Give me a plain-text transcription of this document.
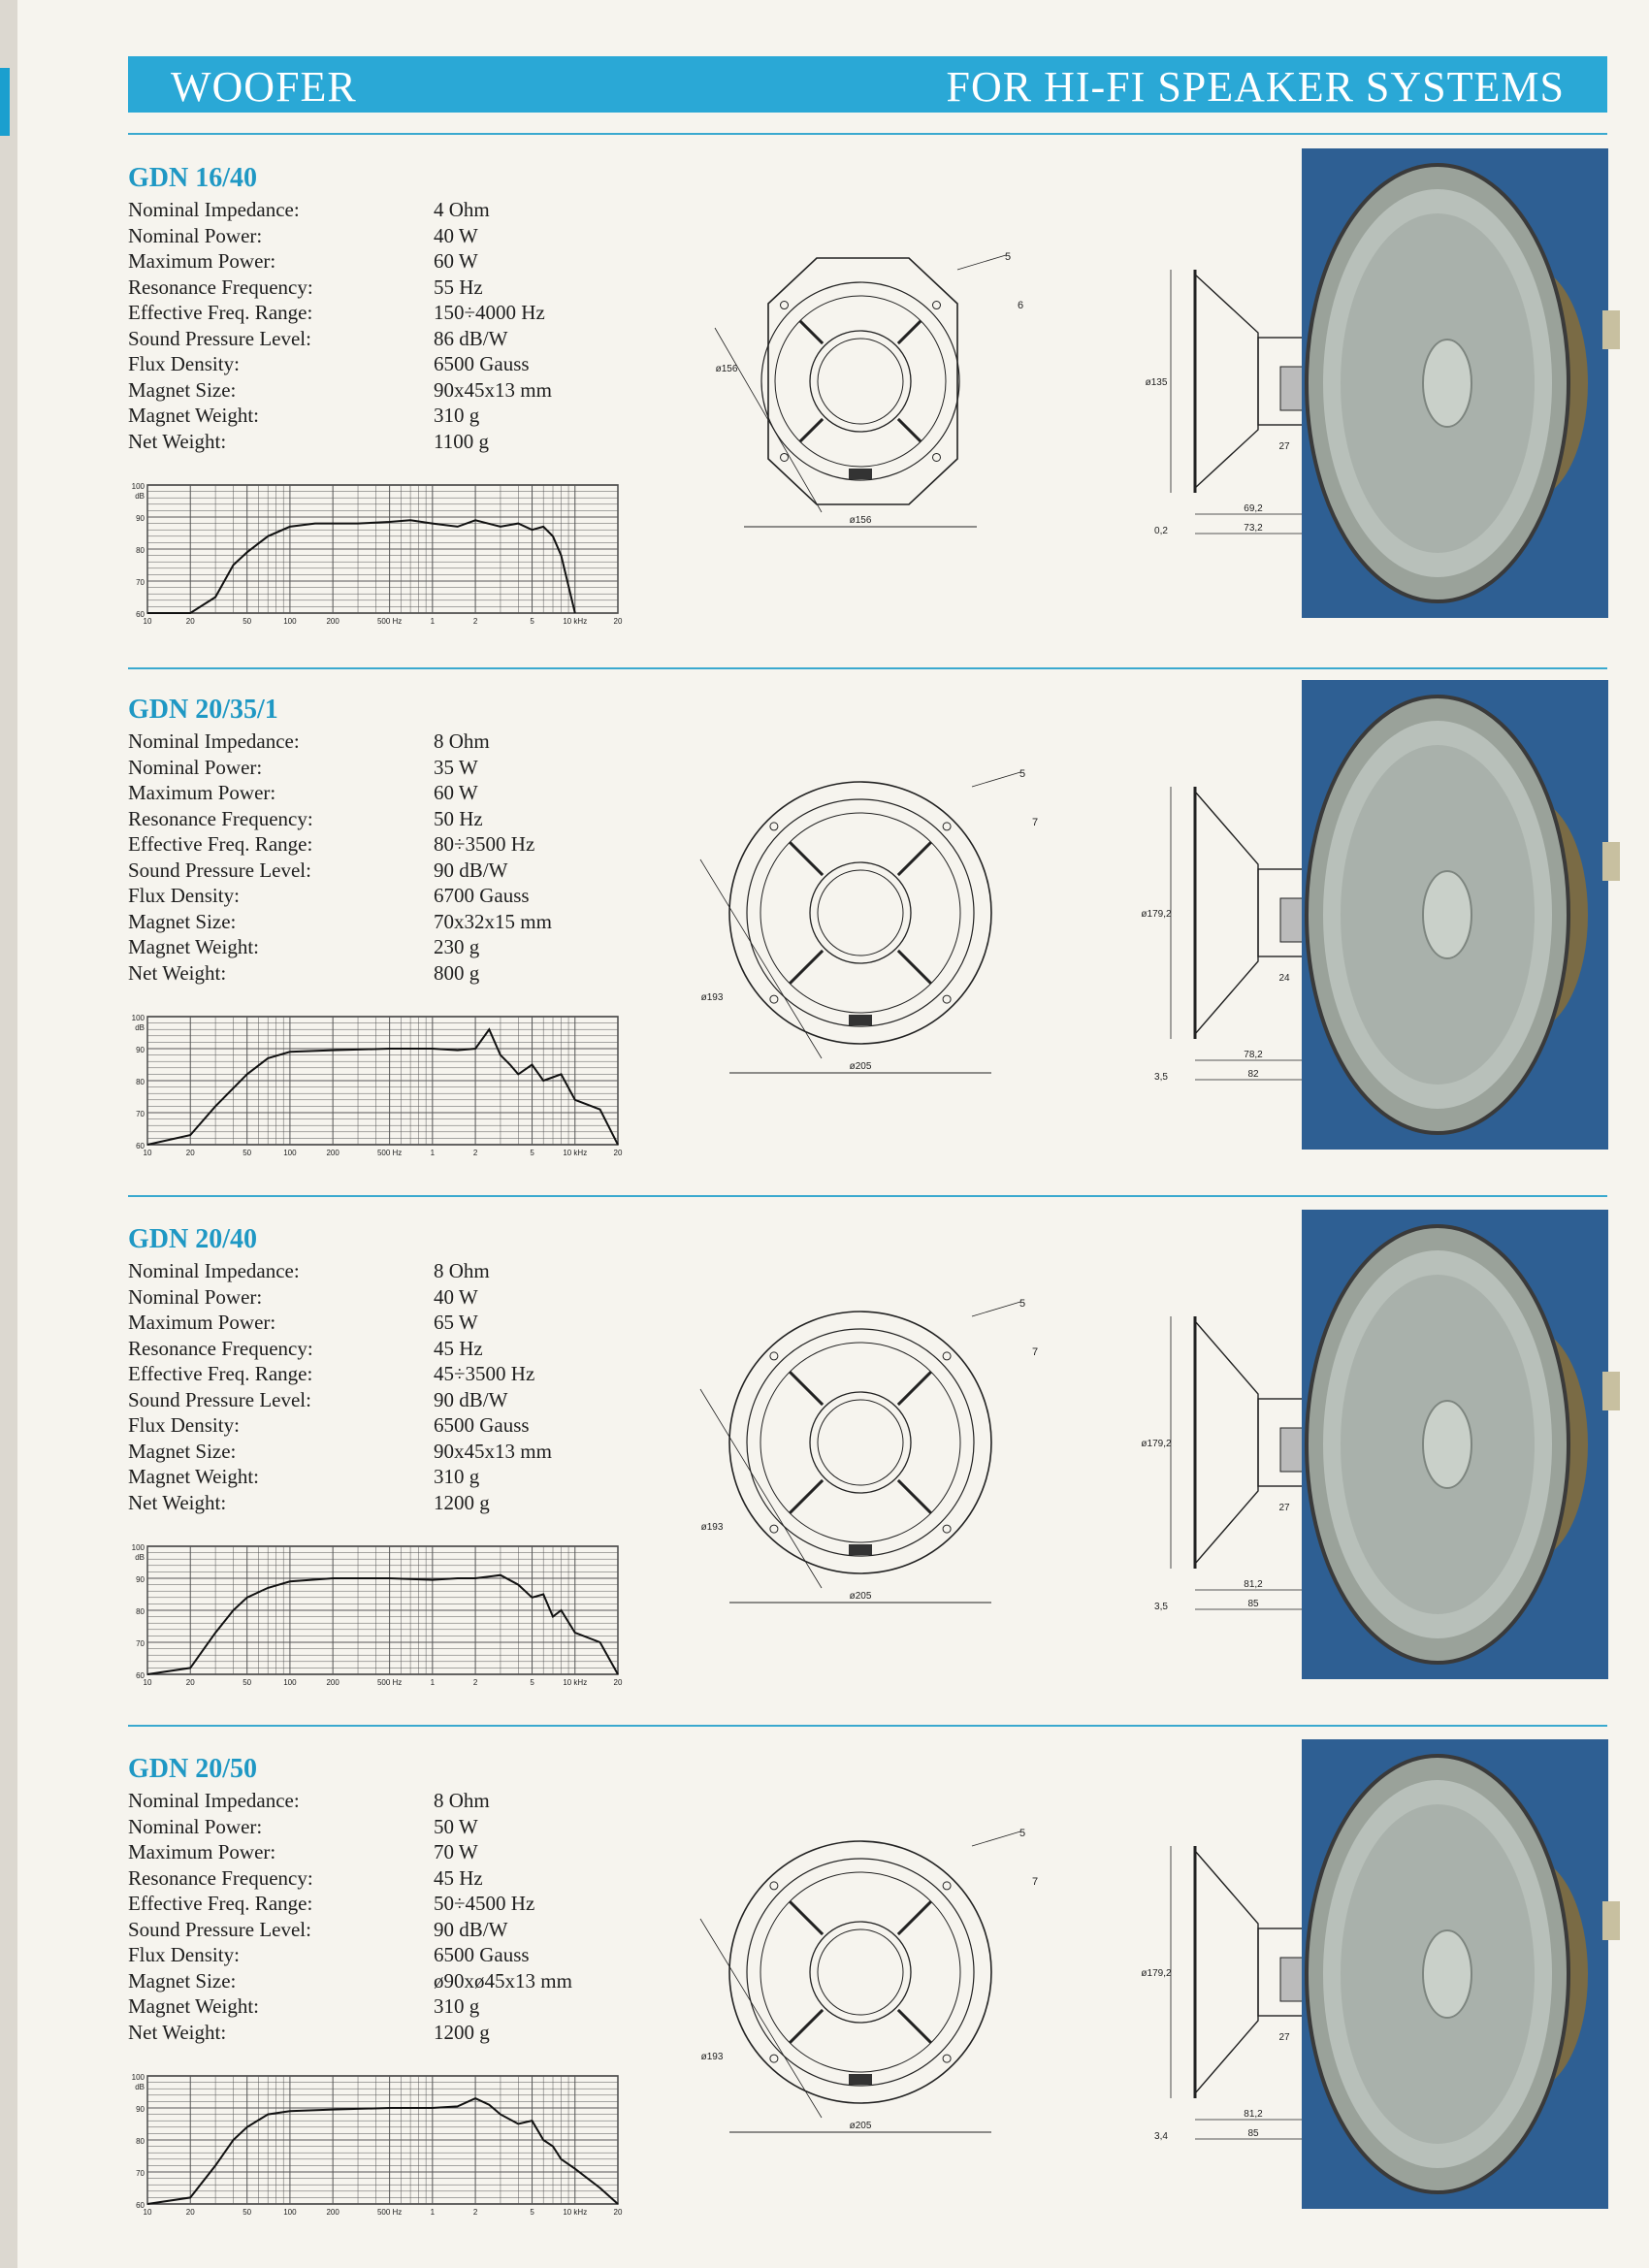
WOOFER	FOR HI-FI SPEAKER SYSTEMS
GDN 16/40
Nominal Impedance:	4 Ohm
Nominal Power:	40 W
Maximum Power:	60 W
Resonance Frequency:	55 Hz
Effective Freq. Range:	150÷4000 Hz
Sound Pressure Level:	86 dB/W
Flux Density:	6500 Gauss
Magnet Size:	90x45x13 mm
Magnet Weight:	310 g
Net Weight:	1100 g
100
dB
90
80
70
60
10	20	50	100	200	500 Hz	1	2	5	10 kHz	20
ø156
ø156
5
6
ø135
27
69,2
73,2
0,2
GDN 20/35/1
Nominal Impedance:	8 Ohm
Nominal Power:	35 W
Maximum Power:	60 W
Resonance Frequency:	50 Hz
Effective Freq. Range:	80÷3500 Hz
Sound Pressure Level:	90 dB/W
Flux Density:	6700 Gauss
Magnet Size:	70x32x15 mm
Magnet Weight:	230 g
Net Weight:	800 g
100
dB
90
80
70
60
10	20	50	100	200	500 Hz	1	2	5	10 kHz	20
ø205
ø193
5
7
ø179,2
24
78,2
82
3,5
GDN 20/40
Nominal Impedance:	8 Ohm
Nominal Power:	40 W
Maximum Power:	65 W
Resonance Frequency:	45 Hz
Effective Freq. Range:	45÷3500 Hz
Sound Pressure Level:	90 dB/W
Flux Density:	6500 Gauss
Magnet Size:	90x45x13 mm
Magnet Weight:	310 g
Net Weight:	1200 g
100
dB
90
80
70
60
10	20	50	100	200	500 Hz	1	2	5	10 kHz	20
ø205
ø193
5
7
ø179,2
27
81,2
85
3,5
GDN 20/50
Nominal Impedance:	8 Ohm
Nominal Power:	50 W
Maximum Power:	70 W
Resonance Frequency:	45 Hz
Effective Freq. Range:	50÷4500 Hz
Sound Pressure Level:	90 dB/W
Flux Density:	6500 Gauss
Magnet Size:	ø90xø45x13 mm
Magnet Weight:	310 g
Net Weight:	1200 g
100
dB
90
80
70
60
10	20	50	100	200	500 Hz	1	2	5	10 kHz	20
ø205
ø193
5
7
ø179,2
27
81,2
85
3,4
